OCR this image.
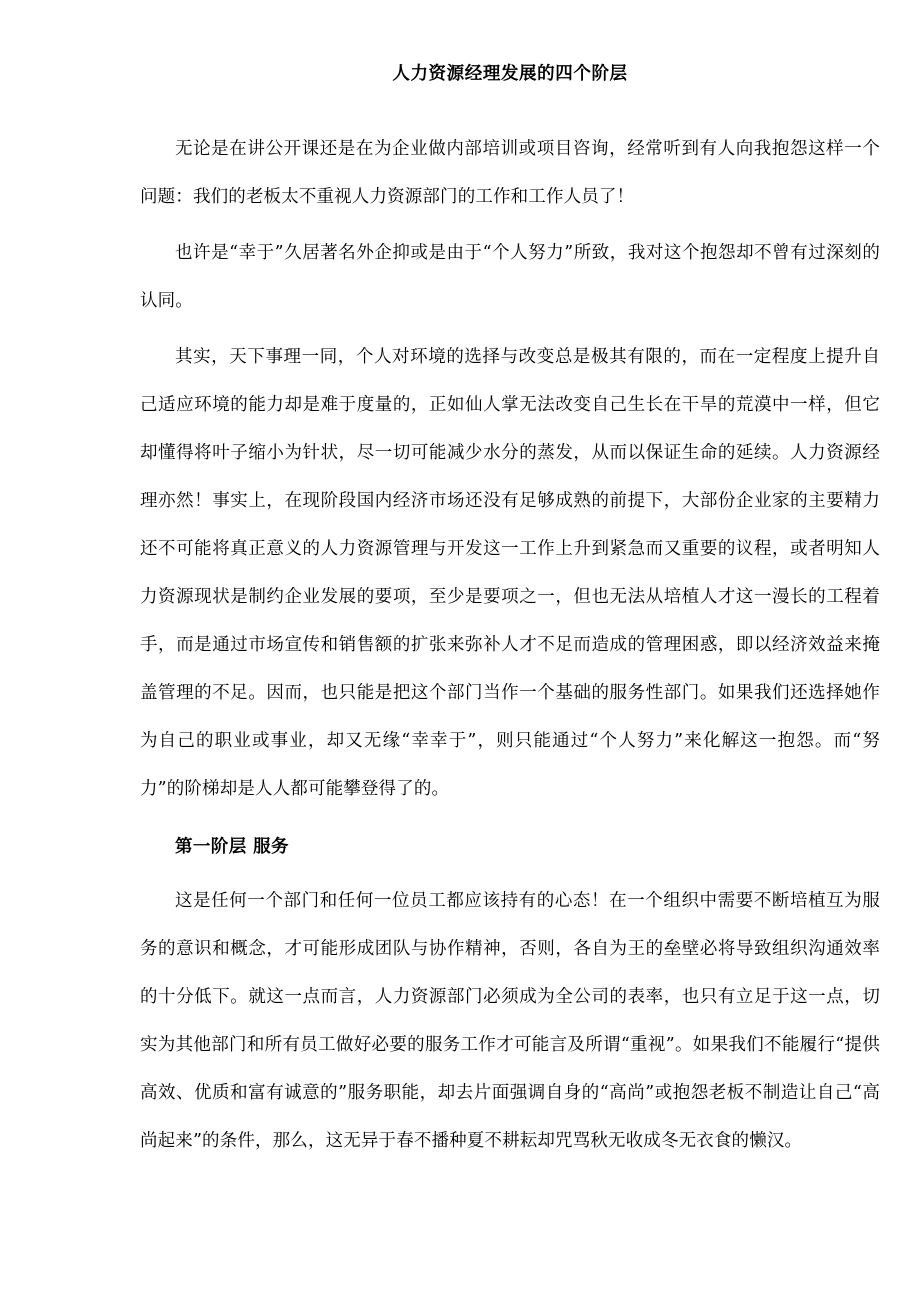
人力资源经理发展的四个阶层

无论是在讲公开课还是在为企业做内部培训或项目咨询，经常听到有人向我抱怨这样一个问题：我们的老板太不重视人力资源部门的工作和工作人员了！

也许是“幸于”久居著名外企抑或是由于“个人努力”所致，我对这个抱怨却不曾有过深刻的认同。

其实，天下事理一同，个人对环境的选择与改变总是极其有限的，而在一定程度上提升自己适应环境的能力却是难于度量的，正如仙人掌无法改变自己生长在干旱的荒漠中一样，但它却懂得将叶子缩小为针状，尽一切可能减少水分的蒸发，从而以保证生命的延续。人力资源经理亦然！事实上，在现阶段国内经济市场还没有足够成熟的前提下，大部份企业家的主要精力还不可能将真正意义的人力资源管理与开发这一工作上升到紧急而又重要的议程，或者明知人力资源现状是制约企业发展的要项，至少是要项之一，但也无法从培植人才这一漫长的工程着手，而是通过市场宣传和销售额的扩张来弥补人才不足而造成的管理困惑，即以经济效益来掩盖管理的不足。因而，也只能是把这个部门当作一个基础的服务性部门。如果我们还选择她作为自己的职业或事业，却又无缘“幸幸于”，则只能通过“个人努力”来化解这一抱怨。而“努力”的阶梯却是人人都可能攀登得了的。

第一阶层 服务

这是任何一个部门和任何一位员工都应该持有的心态！在一个组织中需要不断培植互为服务的意识和概念，才可能形成团队与协作精神，否则，各自为王的垒壁必将导致组织沟通效率的十分低下。就这一点而言，人力资源部门必须成为全公司的表率，也只有立足于这一点，切实为其他部门和所有员工做好必要的服务工作才可能言及所谓“重视”。如果我们不能履行“提供高效、优质和富有诚意的”服务职能，却去片面强调自身的“高尚”或抱怨老板不制造让自己“高尚起来”的条件，那么，这无异于春不播种夏不耕耘却咒骂秋无收成冬无衣食的懒汉。
